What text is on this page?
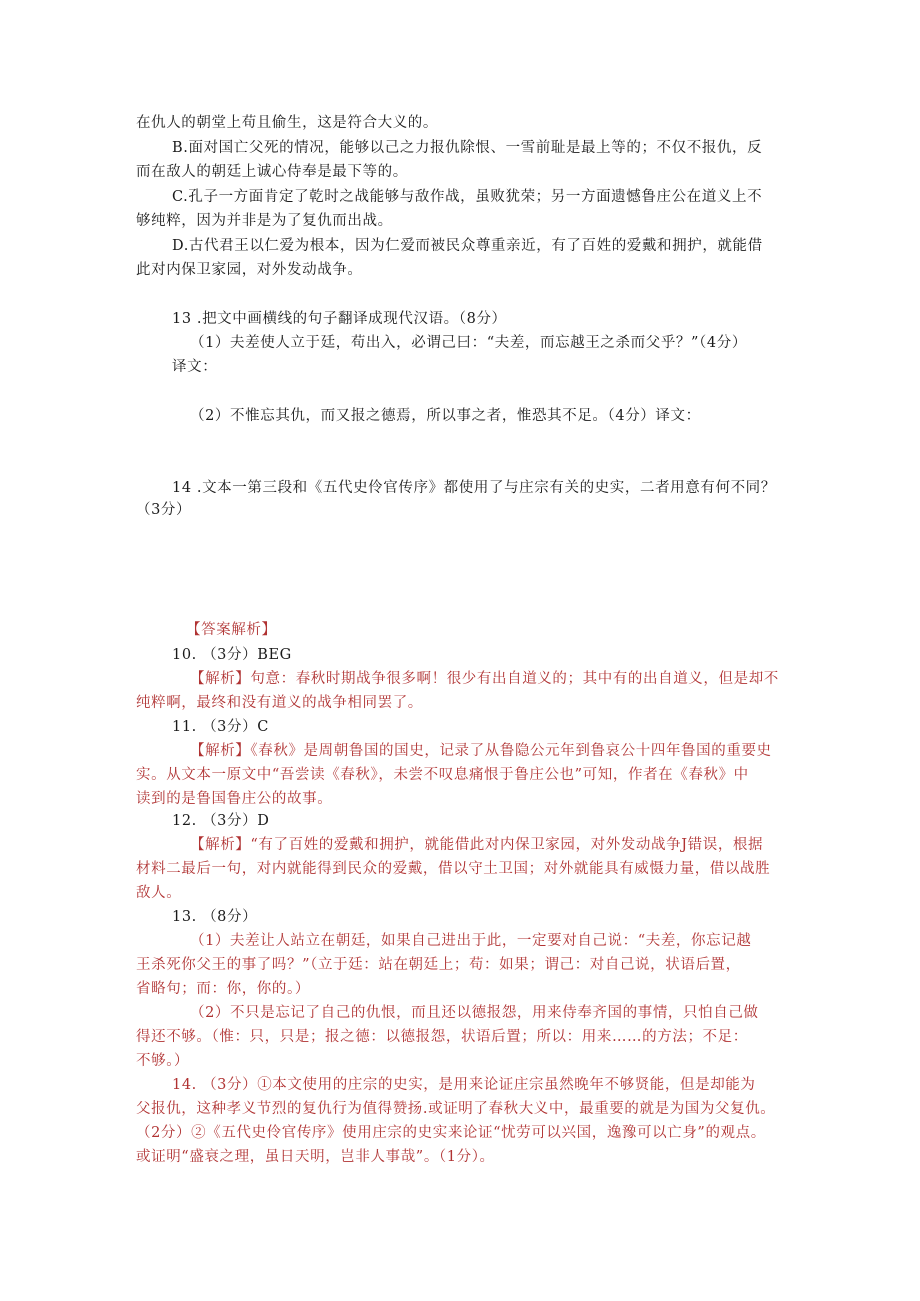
在仇人的朝堂上苟且偷生，这是符合大义的。
B.面对国亡父死的情况，能够以己之力报仇除恨、一雪前耻是最上等的；不仅不报仇，反
而在敌人的朝廷上诚心侍奉是最下等的。
C.孔子一方面肯定了乾时之战能够与敌作战，虽败犹荣；另一方面遗憾鲁庄公在道义上不
够纯粹，因为并非是为了复仇而出战。
D.古代君王以仁爱为根本，因为仁爱而被民众尊重亲近，有了百姓的爱戴和拥护，就能借
此对内保卫家园，对外发动战争。
13 .把文中画横线的句子翻译成现代汉语。（8分）
（1）夫差使人立于廷，苟出入，必谓己曰：“夫差，而忘越王之杀而父乎？”（4分）
译文：
（2）不惟忘其仇，而又报之德焉，所以事之者，惟恐其不足。（4分）译文：
14 .文本一第三段和《五代史伶官传序》都使用了与庄宗有关的史实，二者用意有何不同？
（3分）
【答案解析】
10. （3分）BEG
【解析】句意：春秋时期战争很多啊！很少有出自道义的；其中有的出自道义，但是却不
纯粹啊，最终和没有道义的战争相同罢了。
11. （3分）C
【解析】《春秋》是周朝鲁国的国史，记录了从鲁隐公元年到鲁哀公十四年鲁国的重要史
实。从文本一原文中“吾尝读《春秋》，未尝不叹息痛恨于鲁庄公也”可知，作者在《春秋》中
读到的是鲁国鲁庄公的故事。
12. （3分）D
【解析】“有了百姓的爱戴和拥护，就能借此对内保卫家园，对外发动战争J错误，根据
材料二最后一句，对内就能得到民众的爱戴，借以守土卫国；对外就能具有威慑力量，借以战胜
敌人。
13. （8分）
（1）夫差让人站立在朝廷，如果自己进出于此，一定要对自己说：“夫差，你忘记越
王杀死你父王的事了吗？”（立于廷：站在朝廷上；苟：如果；谓己：对自己说，状语后置，
省略句；而：你，你的。）
（2）不只是忘记了自己的仇恨，而且还以德报怨，用来侍奉齐国的事情，只怕自己做
得还不够。（惟：只，只是；报之德：以德报怨，状语后置；所以：用来……的方法；不足：
不够。）
14. （3分）①本文使用的庄宗的史实，是用来论证庄宗虽然晚年不够贤能，但是却能为
父报仇，这种孝义节烈的复仇行为值得赞扬.或证明了春秋大义中，最重要的就是为国为父复仇。
（2分）②《五代史伶官传序》使用庄宗的史实来论证“忧劳可以兴国，逸豫可以亡身”的观点。
或证明“盛衰之理，虽日天明，岂非人事哉”。（1分）。
